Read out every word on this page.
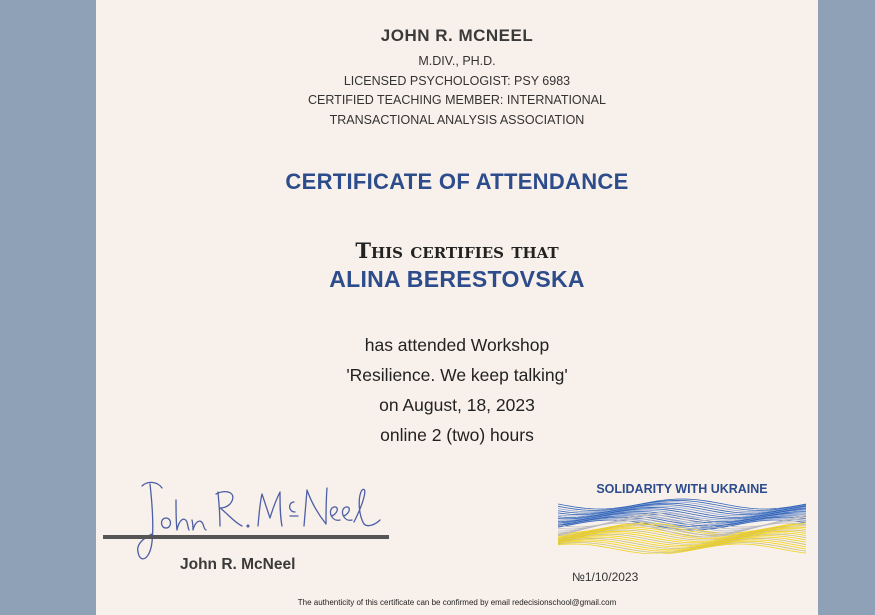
JOHN R. MCNEEL
M.DIV., PH.D.
LICENSED PSYCHOLOGIST: PSY 6983
CERTIFIED TEACHING MEMBER: INTERNATIONAL
TRANSACTIONAL ANALYSIS ASSOCIATION
CERTIFICATE OF ATTENDANCE
This certifies that
ALINA BERESTOVSKA
has attended Workshop
'Resilience. We keep talking'
on August, 18, 2023
online 2 (two) hours
John R. McNeel
SOLIDARITY WITH UKRAINE
№1/10/2023
The authenticity of this certificate can be confirmed by email redecisionschool@gmail.com
